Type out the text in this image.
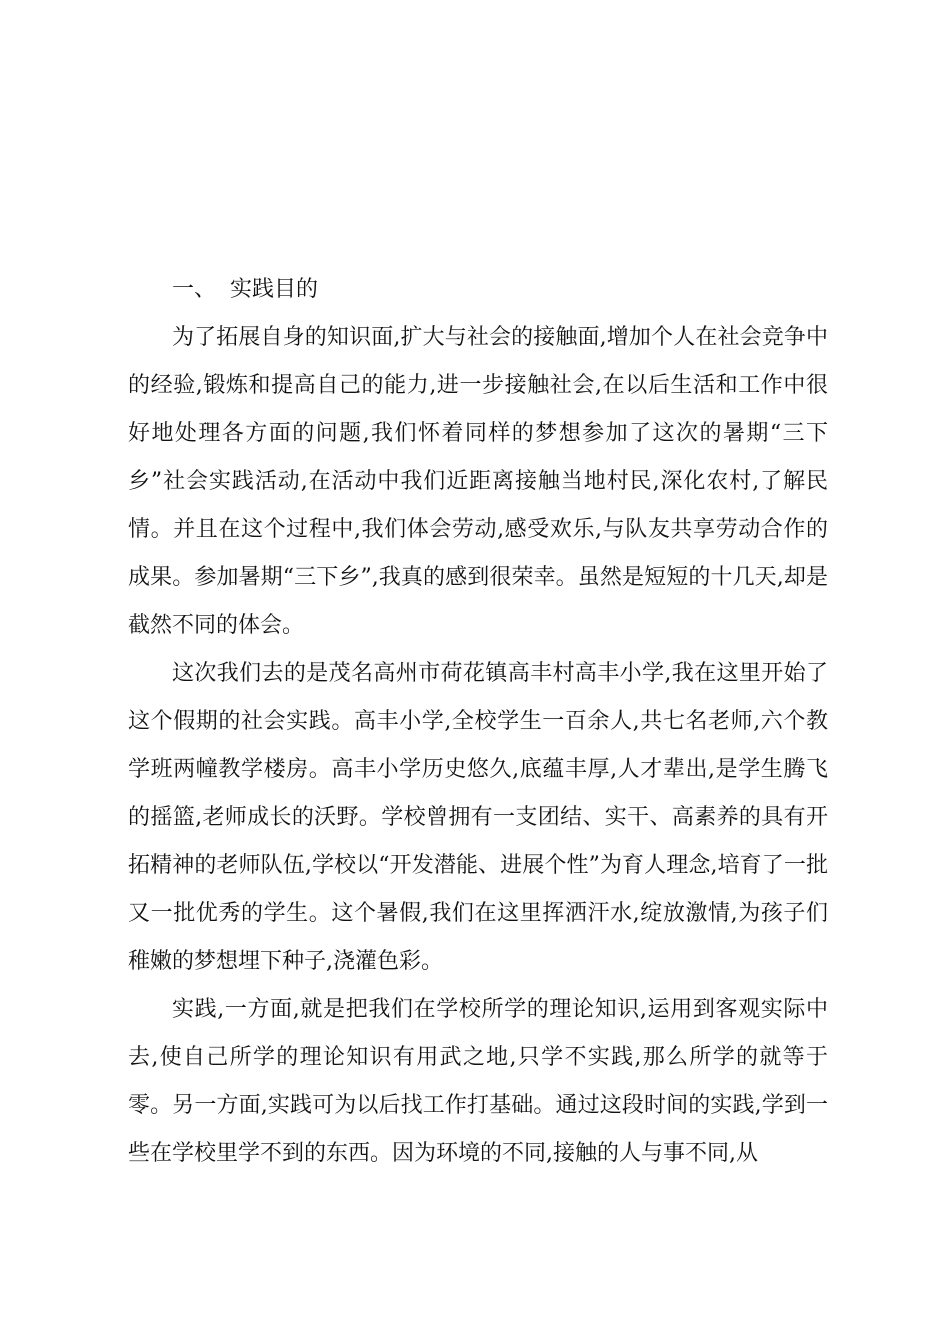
一、 实践目的

为了拓展自身的知识面,扩大与社会的接触面,增加个人在社会竞争中的经验,锻炼和提高自己的能力,进一步接触社会,在以后生活和工作中很好地处理各方面的问题,我们怀着同样的梦想参加了这次的暑期“三下乡”社会实践活动,在活动中我们近距离接触当地村民,深化农村,了解民情。并且在这个过程中,我们体会劳动,感受欢乐,与队友共享劳动合作的成果。参加暑期“三下乡”,我真的感到很荣幸。虽然是短短的十几天,却是截然不同的体会。

这次我们去的是茂名高州市荷花镇高丰村高丰小学,我在这里开始了这个假期的社会实践。高丰小学,全校学生一百余人,共七名老师,六个教学班两幢教学楼房。高丰小学历史悠久,底蕴丰厚,人才辈出,是学生腾飞的摇篮,老师成长的沃野。学校曾拥有一支团结、实干、高素养的具有开拓精神的老师队伍,学校以“开发潜能、进展个性”为育人理念,培育了一批又一批优秀的学生。这个暑假,我们在这里挥洒汗水,绽放激情,为孩子们稚嫩的梦想埋下种子,浇灌色彩。

实践,一方面,就是把我们在学校所学的理论知识,运用到客观实际中去,使自己所学的理论知识有用武之地,只学不实践,那么所学的就等于零。另一方面,实践可为以后找工作打基础。通过这段时间的实践,学到一些在学校里学不到的东西。因为环境的不同,接触的人与事不同,从
